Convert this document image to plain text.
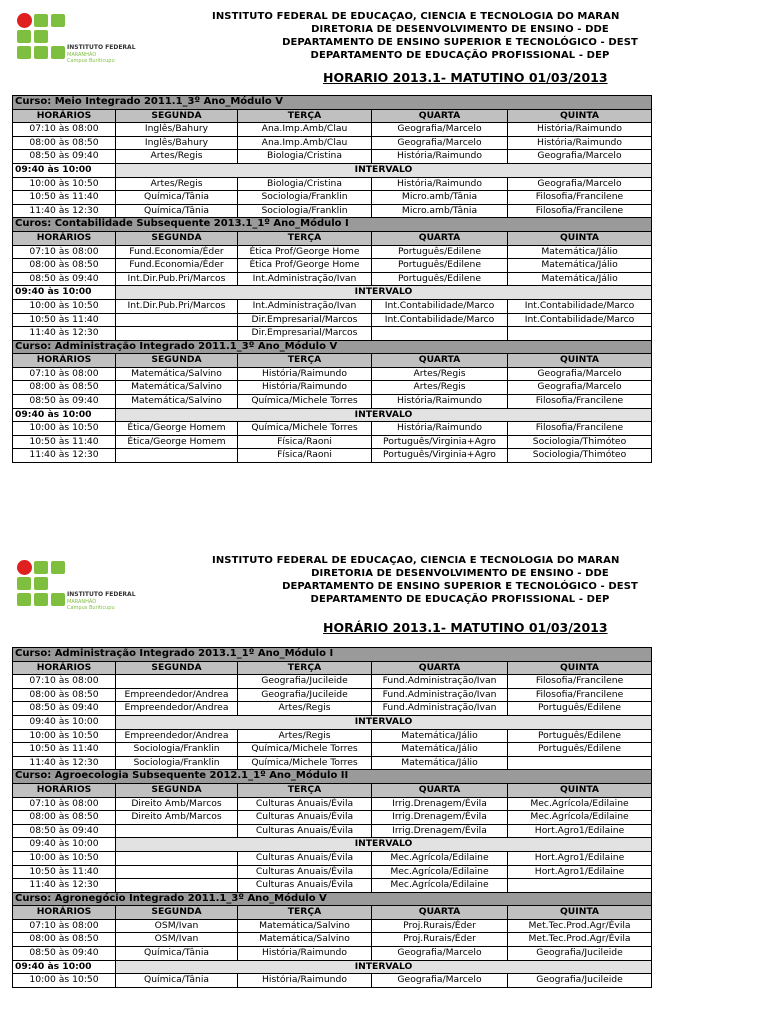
INSTITUTO FEDERAL
MARANHÃO
Campus Buriticupu
INSTITUTO FEDERAL DE EDUCAÇAO, CIENCIA E TECNOLOGIA DO MARAN
DIRETORIA DE DESENVOLVIMENTO DE ENSINO - DDE
DEPARTAMENTO DE ENSINO SUPERIOR E TECNOLÓGICO - DEST
DEPARTAMENTO DE EDUCAÇÃO PROFISSIONAL - DEP
HORARIO 2013.1- MATUTINO 01/03/2013
Curso: Meio Integrado 2011.1_3º Ano_Módulo V				
HORÁRIOS	SEGUNDA	TERÇA	QUARTA	QUINTA
07:10 às 08:00	Inglês/Bahury	Ana.Imp.Amb/Clau	Geografia/Marcelo	História/Raimundo
08:00 às 08:50	Inglês/Bahury	Ana.Imp.Amb/Clau	Geografia/Marcelo	História/Raimundo
08:50 às 09:40	Artes/Regis	Biologia/Cristina	História/Raimundo	Geografia/Marcelo
09:40 às 10:00	INTERVALO			
10:00 às 10:50	Artes/Regis	Biologia/Cristina	História/Raimundo	Geografia/Marcelo
10:50 às 11:40	Química/Tânia	Sociologia/Franklin	Micro.amb/Tânia	Filosofia/Francilene
11:40 às 12:30	Química/Tânia	Sociologia/Franklin	Micro.amb/Tânia	Filosofia/Francilene
Curos: Contabilidade Subsequente 2013.1_1º Ano_Módulo I				
HORÁRIOS	SEGUNDA	TERÇA	QUARTA	QUINTA
07:10 às 08:00	Fund.Economia/Éder	Ética Prof/George Home	Português/Edilene	Matemática/Jálio
08:00 às 08:50	Fund.Economia/Éder	Ética Prof/George Home	Português/Edilene	Matemática/Jálio
08:50 às 09:40	Int.Dir.Pub.Pri/Marcos	Int.Administração/Ivan	Português/Edilene	Matemática/Jálio
09:40 às 10:00	INTERVALO			
10:00 às 10:50	Int.Dir.Pub.Pri/Marcos	Int.Administração/Ivan	Int.Contabilidade/Marco	Int.Contabilidade/Marco
10:50 às 11:40		Dir.Empresarial/Marcos	Int.Contabilidade/Marco	Int.Contabilidade/Marco
11:40 às 12:30		Dir.Empresarial/Marcos		
Curso: Administração Integrado 2011.1_3º Ano_Módulo V				
HORÁRIOS	SEGUNDA	TERÇA	QUARTA	QUINTA
07:10 às 08:00	Matemática/Salvino	História/Raimundo	Artes/Regis	Geografia/Marcelo
08:00 às 08:50	Matemática/Salvino	História/Raimundo	Artes/Regis	Geografia/Marcelo
08:50 às 09:40	Matemática/Salvino	Química/Michele Torres	História/Raimundo	Filosofia/Francilene
09:40 às 10:00	INTERVALO			
10:00 às 10:50	Ética/George Homem	Química/Michele Torres	História/Raimundo	Filosofia/Francilene
10:50 às 11:40	Ética/George Homem	Física/Raoni	Português/Virginia+Agro	Sociologia/Thimóteo
11:40 às 12:30		Física/Raoni	Português/Virginia+Agro	Sociologia/Thimóteo
INSTITUTO FEDERAL
MARANHÃO
Campus Buriticupu
INSTITUTO FEDERAL DE EDUCAÇAO, CIENCIA E TECNOLOGIA DO MARAN
DIRETORIA DE DESENVOLVIMENTO DE ENSINO - DDE
DEPARTAMENTO DE ENSINO SUPERIOR E TECNOLÓGICO - DEST
DEPARTAMENTO DE EDUCAÇÃO PROFISSIONAL - DEP
HORÁRIO 2013.1- MATUTINO 01/03/2013
Curso: Administração Integrado 2013.1_1º Ano_Módulo I				
HORÁRIOS	SEGUNDA	TERÇA	QUARTA	QUINTA
07:10 às 08:00		Geografia/Jucileide	Fund.Administração/Ivan	Filosofia/Francilene
08:00 às 08:50	Empreendedor/Andrea	Geografia/Jucileide	Fund.Administração/Ivan	Filosofia/Francilene
08:50 às 09:40	Empreendedor/Andrea	Artes/Regis	Fund.Administração/Ivan	Português/Edilene
09:40 às 10:00	INTERVALO			
10:00 às 10:50	Empreendedor/Andrea	Artes/Regis	Matemática/Jálio	Português/Edilene
10:50 às 11:40	Sociologia/Franklin	Química/Michele Torres	Matemática/Jálio	Português/Edilene
11:40 às 12:30	Sociologia/Franklin	Química/Michele Torres	Matemática/Jálio	
Curso: Agroecologia Subsequente 2012.1_1º Ano_Módulo II				
HORÁRIOS	SEGUNDA	TERÇA	QUARTA	QUINTA
07:10 às 08:00	Direito Amb/Marcos	Culturas Anuais/Évila	Irrig.Drenagem/Évila	Mec.Agrícola/Edilaine
08:00 às 08:50	Direito Amb/Marcos	Culturas Anuais/Évila	Irrig.Drenagem/Évila	Mec.Agrícola/Edilaine
08:50 às 09:40		Culturas Anuais/Évila	Irrig.Drenagem/Évila	Hort.Agro1/Edilaine
09:40 às 10:00	INTERVALO			
10:00 às 10:50		Culturas Anuais/Évila	Mec.Agrícola/Edilaine	Hort.Agro1/Edilaine
10:50 às 11:40		Culturas Anuais/Évila	Mec.Agrícola/Edilaine	Hort.Agro1/Edilaine
11:40 às 12:30		Culturas Anuais/Évila	Mec.Agrícola/Edilaine	
Curso: Agronegócio Integrado 2011.1_3º Ano_Módulo V				
HORÁRIOS	SEGUNDA	TERÇA	QUARTA	QUINTA
07:10 às 08:00	OSM/Ivan	Matemática/Salvino	Proj.Rurais/Éder	Met.Tec.Prod.Agr/Évila
08:00 às 08:50	OSM/Ivan	Matemática/Salvino	Proj.Rurais/Éder	Met.Tec.Prod.Agr/Évila
08:50 às 09:40	Química/Tânia	História/Raimundo	Geografia/Marcelo	Geografia/Jucileide
09:40 às 10:00	INTERVALO			
10:00 às 10:50	Química/Tânia	História/Raimundo	Geografia/Marcelo	Geografia/Jucileide
